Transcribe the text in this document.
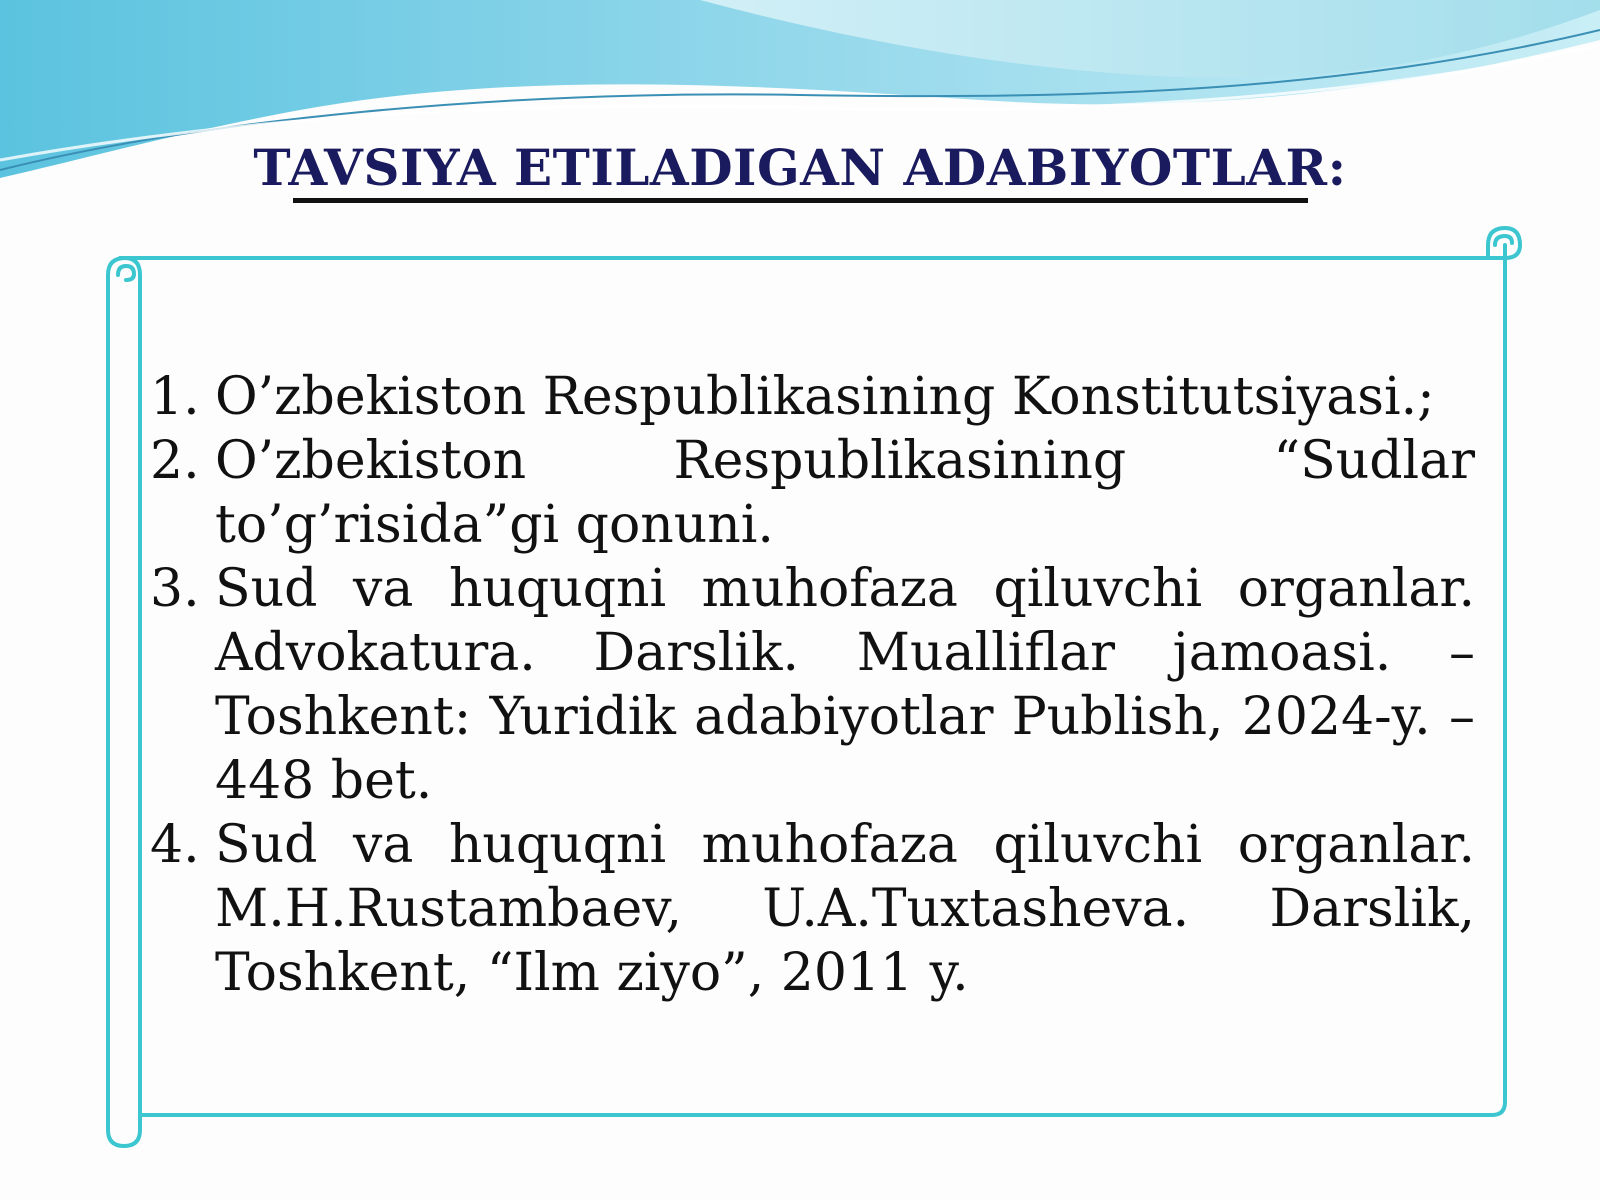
TAVSIYA ETILADIGAN ADABIYOTLAR:
1. O’zbekiston Respublikasining Konstitutsiyasi.;
2. O’zbekiston Respublikasining “Sudlar to’g’risida”gi qonuni.
3. Sud va huquqni muhofaza qiluvchi organlar. Advokatura. Darslik. Mualliflar jamoasi. – Toshkent: Yuridik adabiyotlar Publish, 2024-y. – 448 bet.
4. Sud va huquqni muhofaza qiluvchi organlar. M.H.Rustambaev, U.A.Tuxtasheva. Darslik, Toshkent, “Ilm ziyo”, 2011 y.
